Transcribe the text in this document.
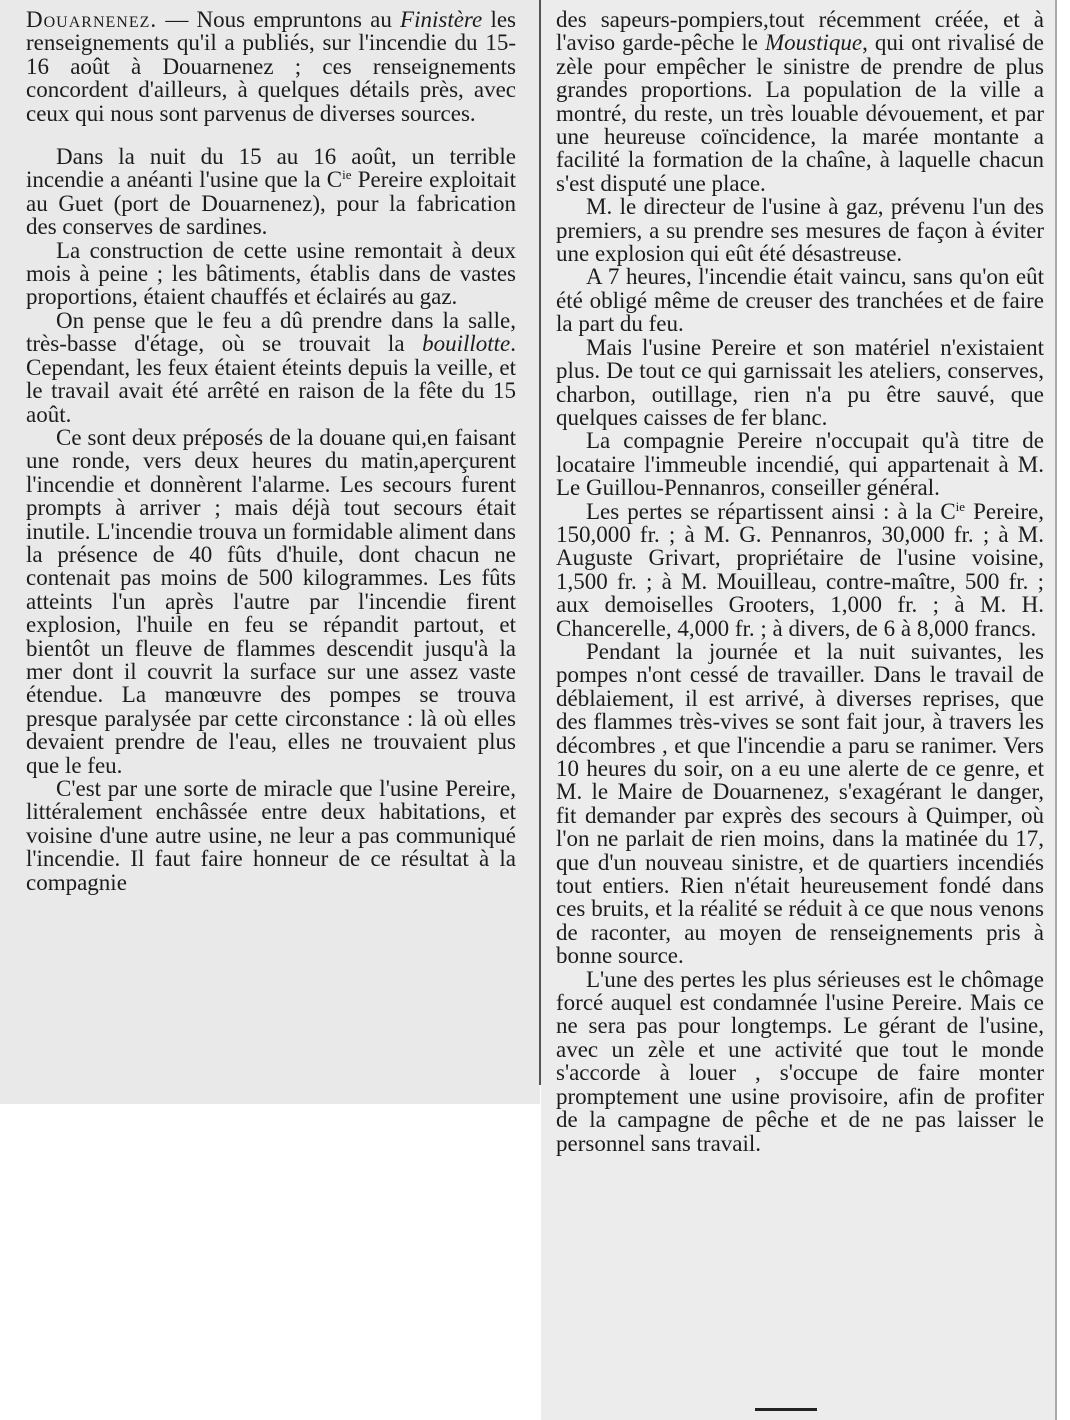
Douarnenez. — Nous empruntons au Finistère les renseignements qu'il a publiés, sur l'incendie du 15-16 août à Douarnenez ; ces renseignements concordent d'ailleurs, à quelques détails près, avec ceux qui nous sont parvenus de diverses sources.

Dans la nuit du 15 au 16 août, un terrible incendie a anéanti l'usine que la $C^{ie}$ Pereire exploitait au Guet (port de Douarnenez), pour la fabrication des conserves de sardines.

La construction de cette usine remontait à deux mois à peine ; les bâtiments, établis dans de vastes proportions, étaient chauffés et éclairés au gaz.

On pense que le feu a dû prendre dans la salle, très-basse d'étage, où se trouvait la bouillotte. Cependant, les feux étaient éteints depuis la veille, et le travail avait été arrêté en raison de la fête du 15 août.

Ce sont deux préposés de la douane qui,en faisant une ronde, vers deux heures du matin,aperçurent l'incendie et donnèrent l'alarme. Les secours furent prompts à arriver ; mais déjà tout secours était inutile. L'incendie trouva un formidable aliment dans la présence de 40 fûts d'huile, dont chacun ne contenait pas moins de 500 kilogrammes. Les fûts atteints l'un après l'autre par l'incendie firent explosion, l'huile en feu se répandit partout, et bientôt un fleuve de flammes descendit jusqu'à la mer dont il couvrit la surface sur une assez vaste étendue. La manœuvre des pompes se trouva presque paralysée par cette circonstance : là où elles devaient prendre de l'eau, elles ne trouvaient plus que le feu.

C'est par une sorte de miracle que l'usine Pereire, littéralement enchâssée entre deux habitations, et voisine d'une autre usine, ne leur a pas communiqué l'incendie. Il faut faire honneur de ce résultat à la compagnie

des sapeurs-pompiers,tout récemment créée, et à l'aviso garde-pêche le Moustique, qui ont rivalisé de zèle pour empêcher le sinistre de prendre de plus grandes proportions. La population de la ville a montré, du reste, un très louable dévouement, et par une heureuse coïncidence, la marée montante a facilité la formation de la chaîne, à laquelle chacun s'est disputé une place.

M. le directeur de l'usine à gaz, prévenu l'un des premiers, a su prendre ses mesures de façon à éviter une explosion qui eût été désastreuse.

A 7 heures, l'incendie était vaincu, sans qu'on eût été obligé même de creuser des tranchées et de faire la part du feu.

Mais l'usine Pereire et son matériel n'existaient plus. De tout ce qui garnissait les ateliers, conserves, charbon, outillage, rien n'a pu être sauvé, que quelques caisses de fer blanc.

La compagnie Pereire n'occupait qu'à titre de locataire l'immeuble incendié, qui appartenait à M. Le Guillou-Pennanros, conseiller général.

Les pertes se répartissent ainsi : à la $C^{ie}$ Pereire, 150,000 fr. ; à M. G. Pennanros, 30,000 fr. ; à M. Auguste Grivart, propriétaire de l'usine voisine, 1,500 fr. ; à M. Mouilleau, contre-maître, 500 fr. ; aux demoiselles Grooters, 1,000 fr. ; à M. H. Chancerelle, 4,000 fr. ; à divers, de 6 à 8,000 francs.

Pendant la journée et la nuit suivantes, les pompes n'ont cessé de travailler. Dans le travail de déblaiement, il est arrivé, à diverses reprises, que des flammes très-vives se sont fait jour, à travers les décombres , et que l'incendie a paru se ranimer. Vers 10 heures du soir, on a eu une alerte de ce genre, et M. le Maire de Douarnenez, s'exagérant le danger, fit demander par exprès des secours à Quimper, où l'on ne parlait de rien moins, dans la matinée du 17, que d'un nouveau sinistre, et de quartiers incendiés tout entiers. Rien n'était heureusement fondé dans ces bruits, et la réalité se réduit à ce que nous venons de raconter, au moyen de renseignements pris à bonne source.

L'une des pertes les plus sérieuses est le chômage forcé auquel est condamnée l'usine Pereire. Mais ce ne sera pas pour longtemps. Le gérant de l'usine, avec un zèle et une activité que tout le monde s'accorde à louer , s'occupe de faire monter promptement une usine provisoire, afin de profiter de la campagne de pêche et de ne pas laisser le personnel sans travail.
